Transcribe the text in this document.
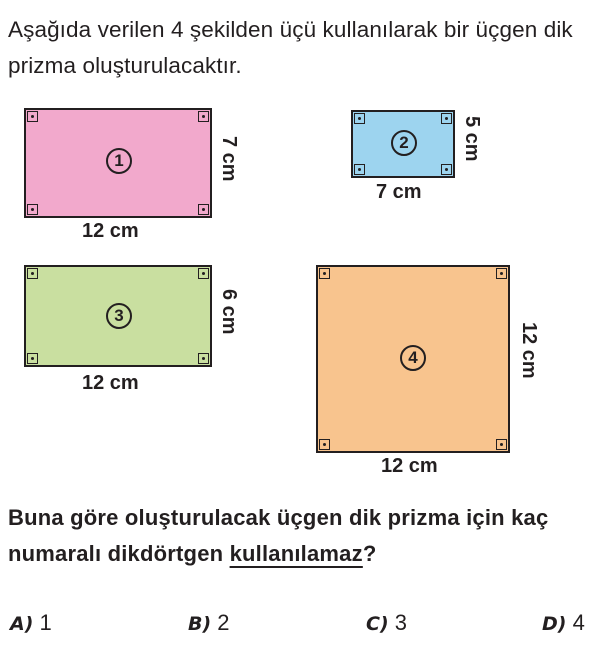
Aşağıda verilen 4 şekilden üçü kullanılarak bir üçgen dik prizma oluşturulacaktır.
1
12 cm
7 cm	2
7 cm
5 cm
3
12 cm
6 cm
4
12 cm
12 cm
Buna göre oluşturulacak üçgen dik prizma için kaç numaralı dikdörtgen kullanılamaz?
A) 1	B) 2	C) 3	D) 4
